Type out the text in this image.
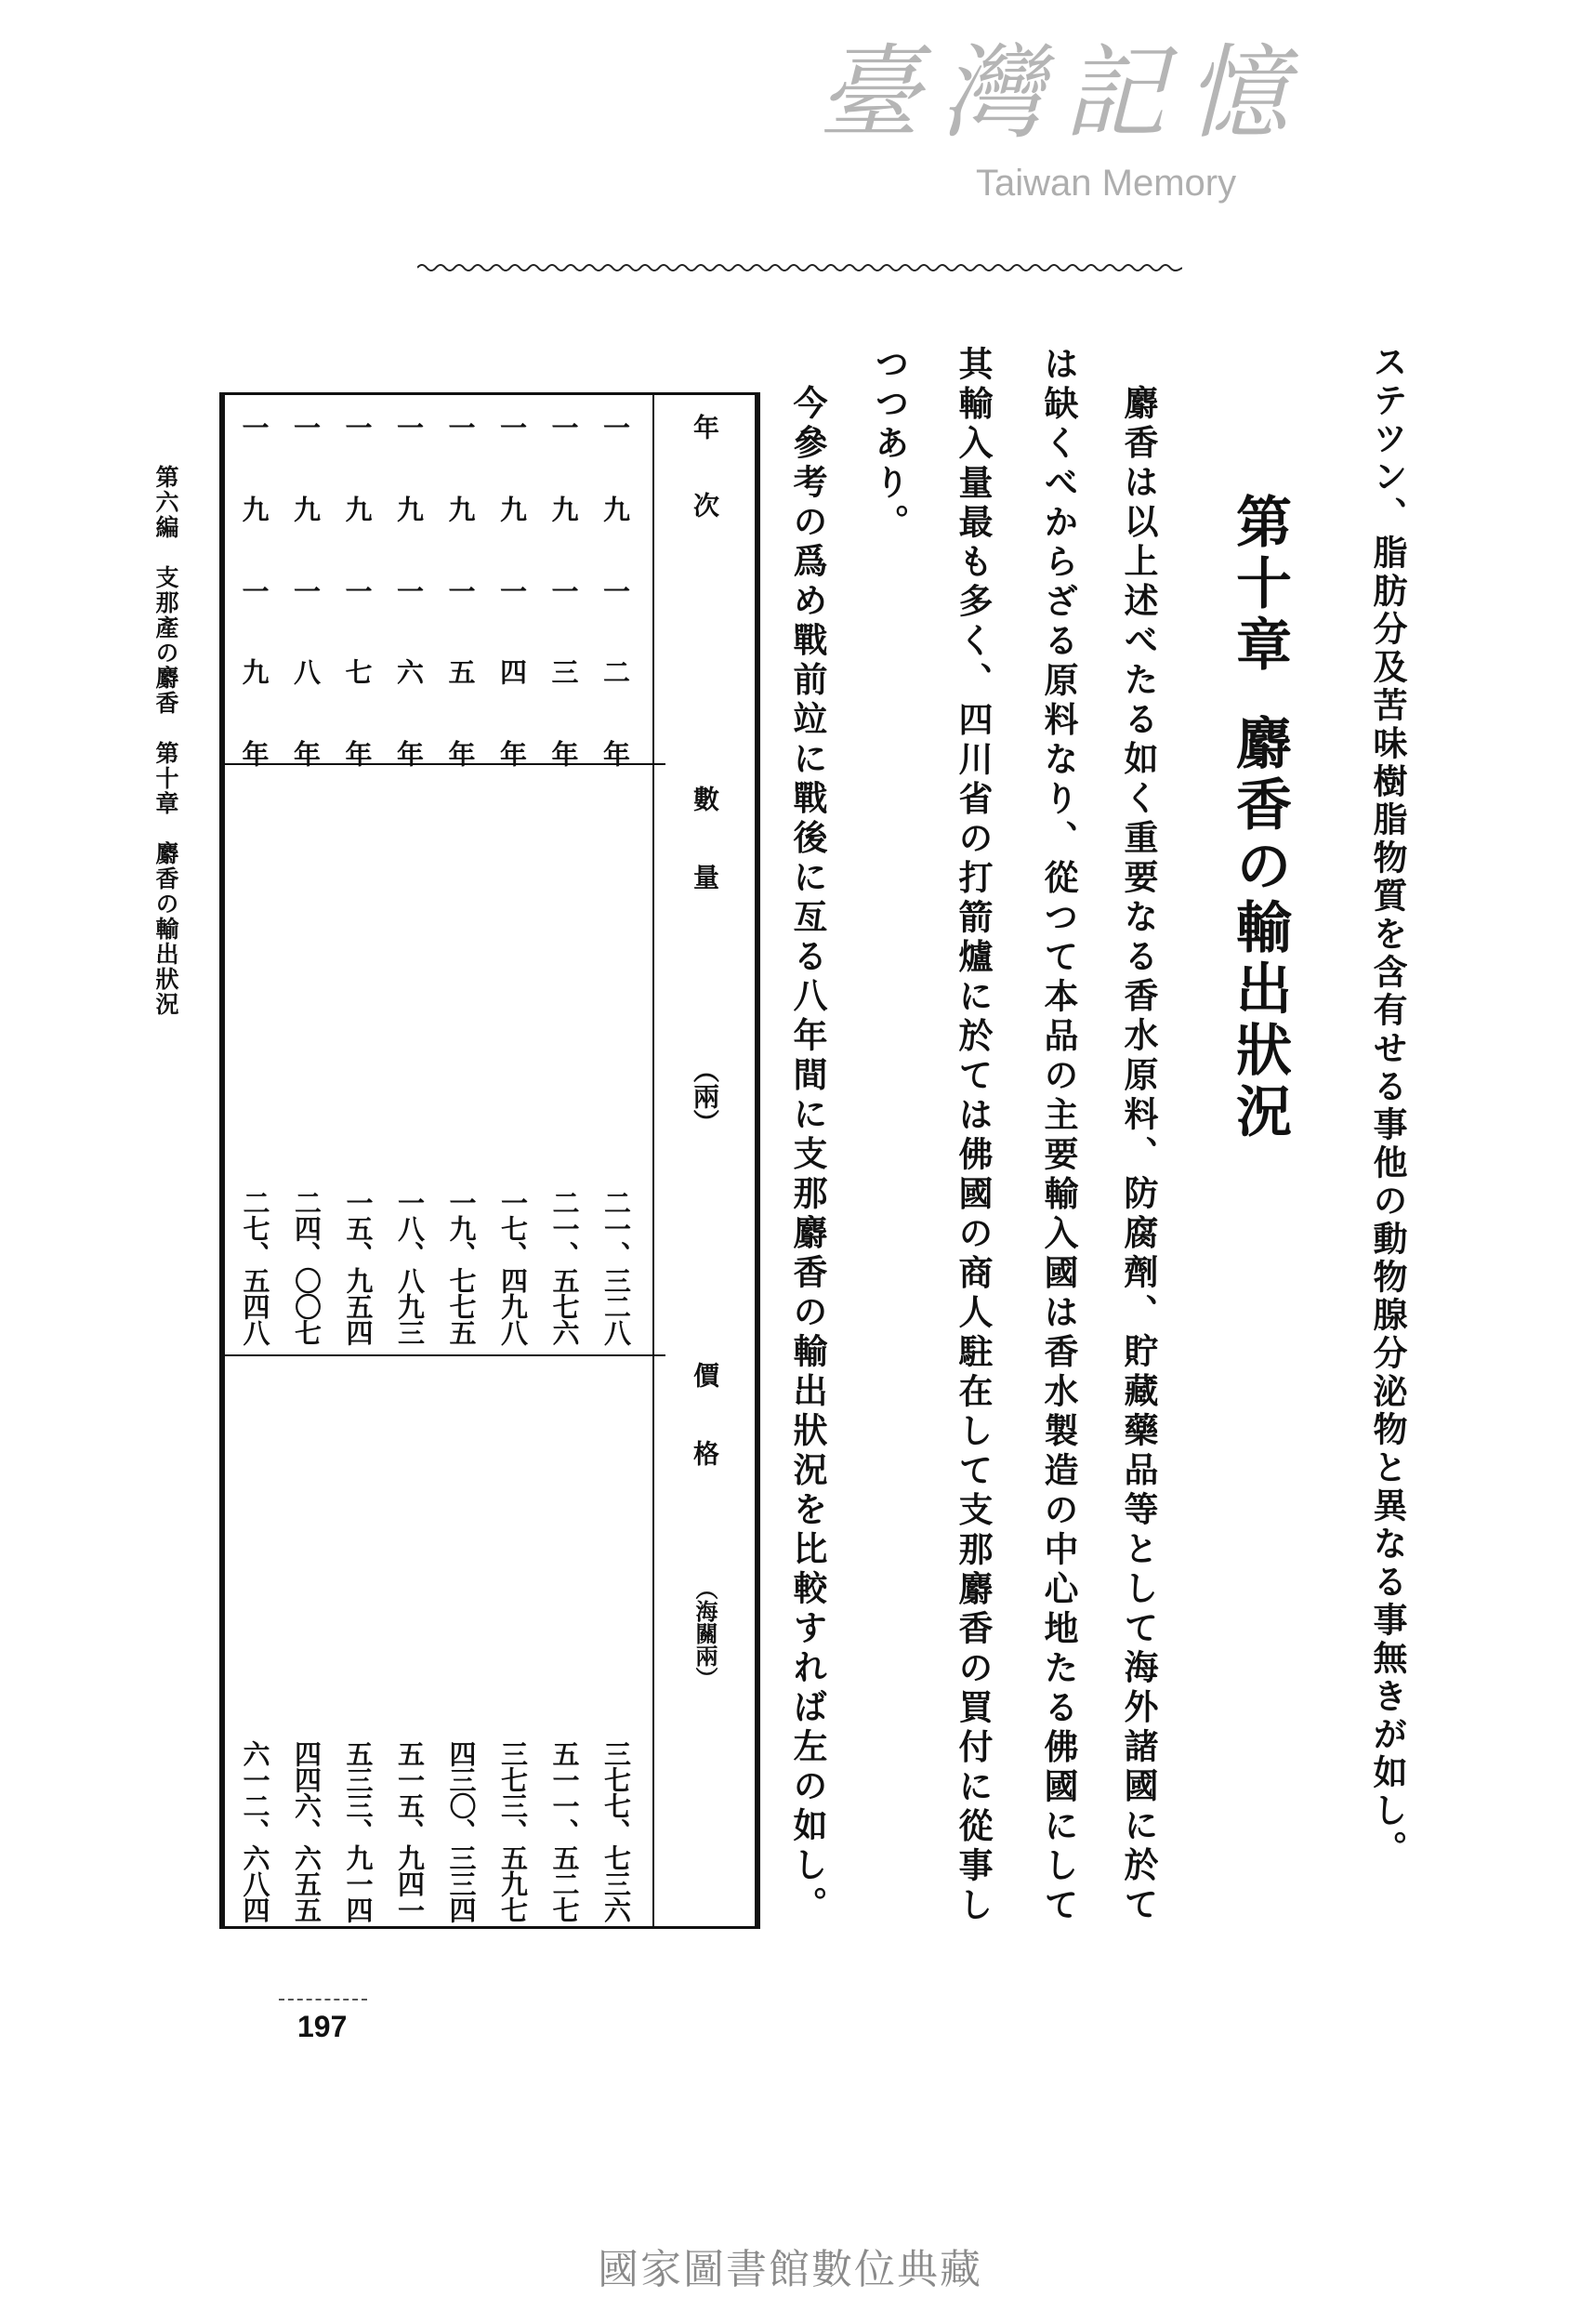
ステツン、脂肪分及苦味樹脂物質を含有せる事他の動物腺分泌物と異なる事無きが如し。
第十章麝香の輸出狀況
麝香は以上述べたる如く重要なる香水原料、防腐劑、貯藏藥品等として海外諸國に於て
は缺くべからざる原料なり、從つて本品の主要輸入國は香水製造の中心地たる佛國にして
其輸入量最も多く、四川省の打箭爐に於ては佛國の商人駐在して支那麝香の買付に從事し
つつあり。
今參考の爲め戰前竝に戰後に亙る八年間に支那麝香の輸出狀況を比較すれば左の如し。
臺灣記憶
Taiwan Memory
年　　次
數　　量（兩）
價　　格（海關兩）
一
九
一
二
年
二一、三二八
三七七、七三六
一
九
一
三
年
二一、五七六
五一一、五二七
一
九
一
四
年
一七、四九八
三七三、五九七
一
九
一
五
年
一九、七七五
四三〇、三三四
一
九
一
六
年
一八、八九三
五一五、九四一
一
九
一
七
年
一五、九五四
五三三、九一四
一
九
一
八
年
二四、〇〇七
四四六、六五五
一
九
一
九
年
二七、五四八
六一二、六八四
第六編　支那產の麝香　第十章　麝香の輸出狀況
197
國家圖書館數位典藏
